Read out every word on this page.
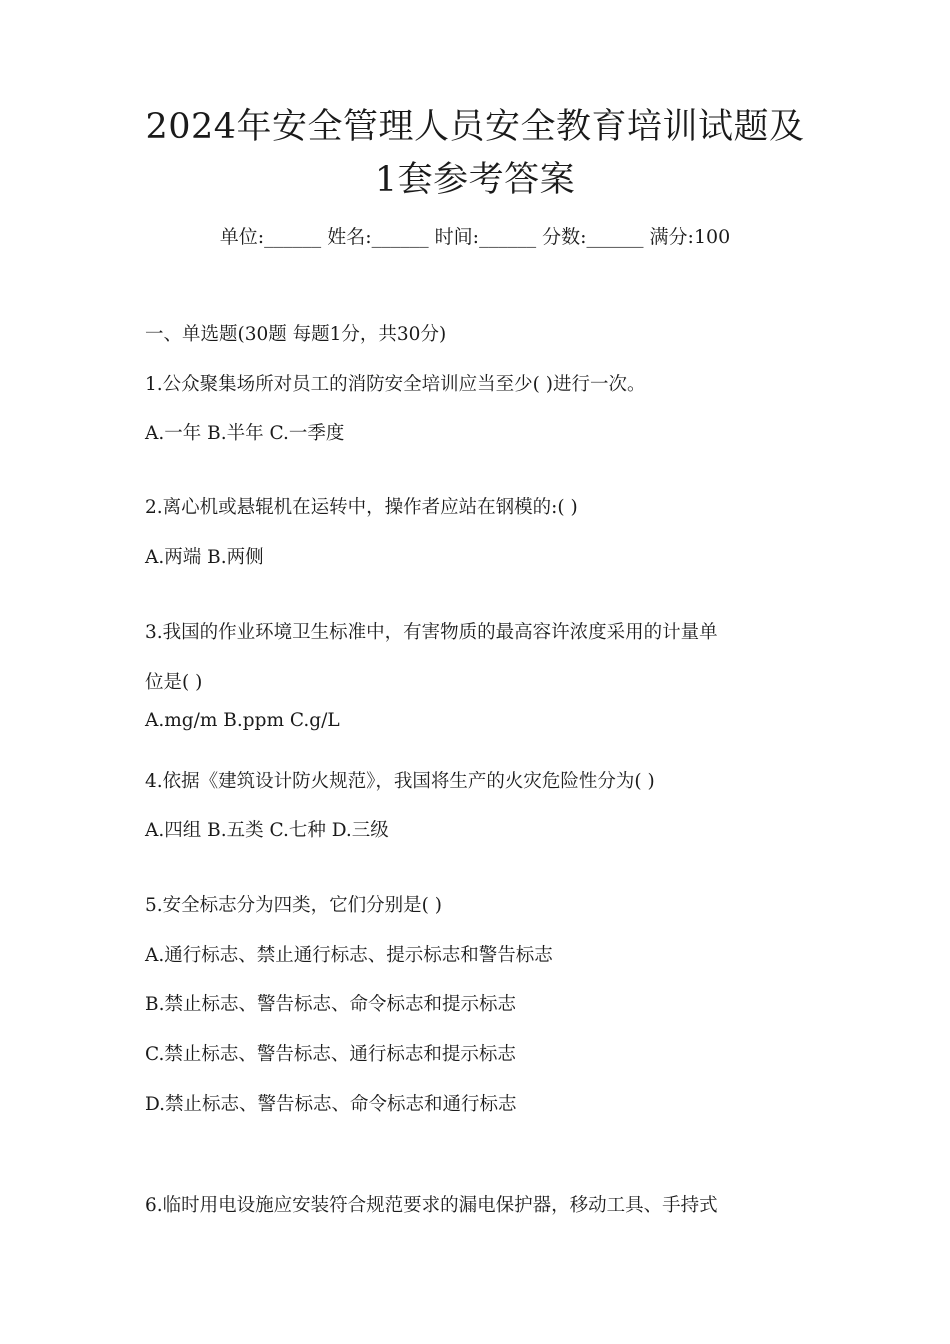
2024年安全管理人员安全教育培训试题及
1套参考答案
单位:______ 姓名:______ 时间:______ 分数:______ 满分:100
一、单选题(30题 每题1分，共30分)
1.公众聚集场所对员工的消防安全培训应当至少( )进行一次。
A.一年 B.半年 C.一季度
2.离心机或悬辊机在运转中，操作者应站在钢模的:( )
A.两端 B.两侧
3.我国的作业环境卫生标准中，有害物质的最高容许浓度采用的计量单
位是( )
A.mg/m B.ppm C.g/L
4.依据《建筑设计防火规范》，我国将生产的火灾危险性分为( )
A.四组 B.五类 C.七种 D.三级
5.安全标志分为四类，它们分别是( )
A.通行标志、禁止通行标志、提示标志和警告标志
B.禁止标志、警告标志、命令标志和提示标志
C.禁止标志、警告标志、通行标志和提示标志
D.禁止标志、警告标志、命令标志和通行标志
6.临时用电设施应安装符合规范要求的漏电保护器，移动工具、手持式
